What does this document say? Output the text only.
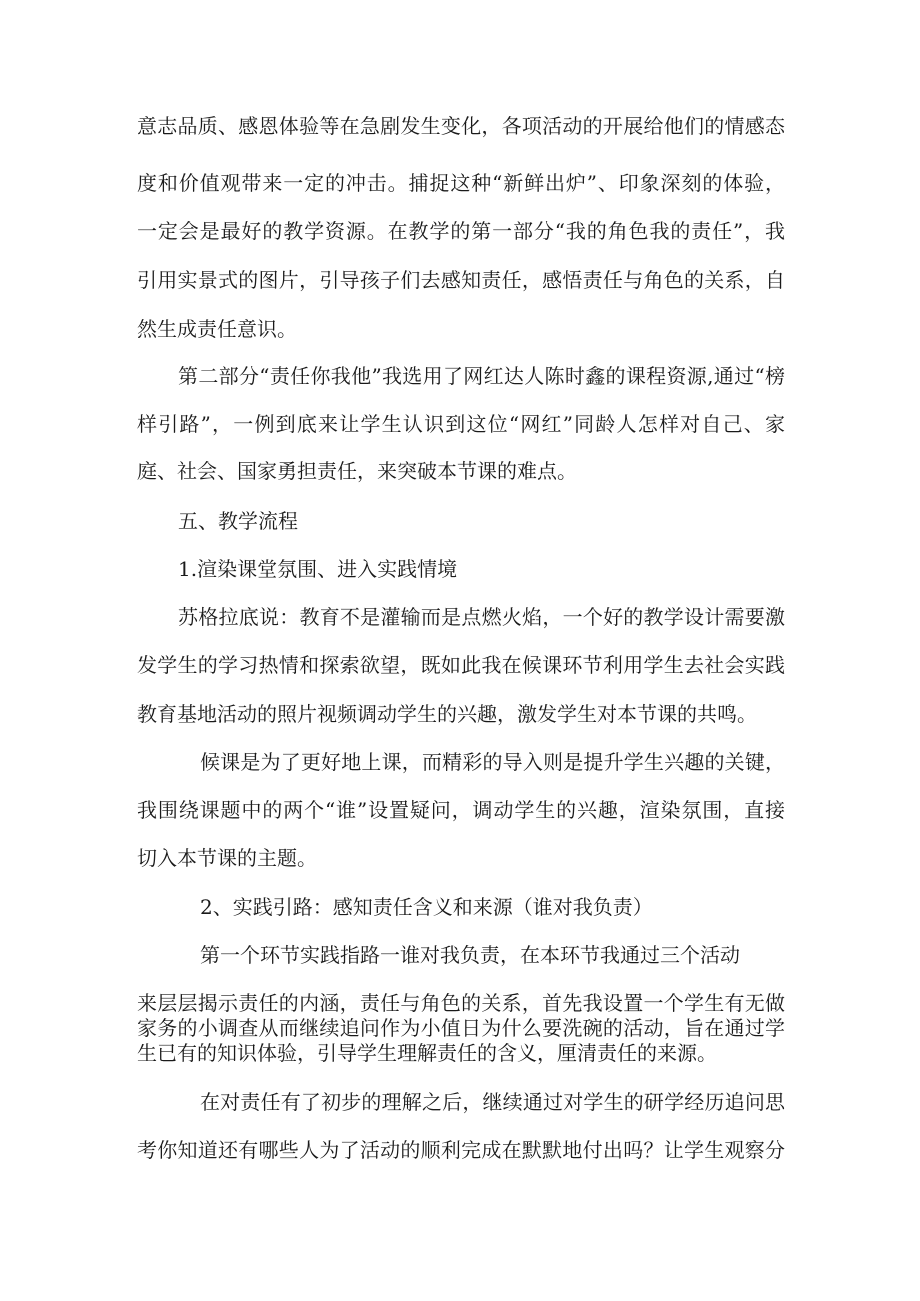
意志品质、感恩体验等在急剧发生变化，各项活动的开展给他们的情感态

度和价值观带来一定的冲击。捕捉这种“新鲜出炉”、印象深刻的体验，

一定会是最好的教学资源。在教学的第一部分“我的角色我的责任”，我

引用实景式的图片，引导孩子们去感知责任，感悟责任与角色的关系，自

然生成责任意识。

第二部分“责任你我他”我选用了网红达人陈时鑫的课程资源,通过“榜

样引路”，一例到底来让学生认识到这位“网红”同龄人怎样对自己、家

庭、社会、国家勇担责任，来突破本节课的难点。

五、教学流程

1.渲染课堂氛围、进入实践情境

苏格拉底说：教育不是灌输而是点燃火焰，一个好的教学设计需要激

发学生的学习热情和探索欲望，既如此我在候课环节利用学生去社会实践

教育基地活动的照片视频调动学生的兴趣，激发学生对本节课的共鸣。

候课是为了更好地上课，而精彩的导入则是提升学生兴趣的关键，

我围绕课题中的两个“谁”设置疑问，调动学生的兴趣，渲染氛围，直接

切入本节课的主题。

2、实践引路：感知责任含义和来源（谁对我负责）

第一个环节实践指路一谁对我负责，在本环节我通过三个活动

来层层揭示责任的内涵，责任与角色的关系，首先我设置一个学生有无做

家务的小调查从而继续追问作为小值日为什么要洗碗的活动，旨在通过学

生已有的知识体验，引导学生理解责任的含义，厘清责任的来源。

在对责任有了初步的理解之后，继续通过对学生的研学经历追问思

考你知道还有哪些人为了活动的顺利完成在默默地付出吗？让学生观察分
